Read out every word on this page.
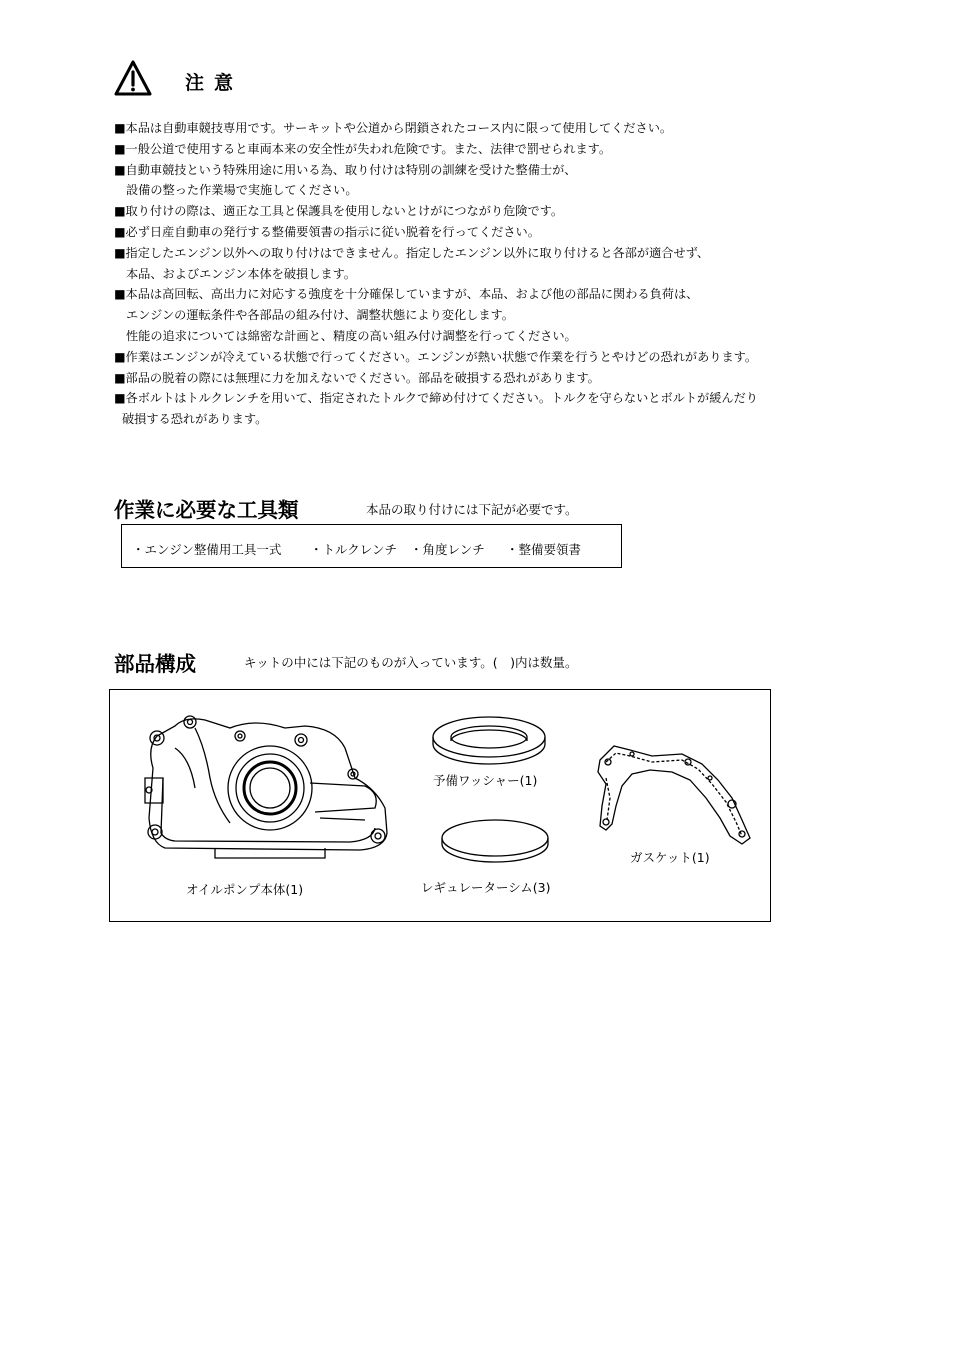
注意
■本品は自動車競技専用です。サーキットや公道から閉鎖されたコース内に限って使用してください。
■一般公道で使用すると車両本来の安全性が失われ危険です。また、法律で罰せられます。
■自動車競技という特殊用途に用いる為、取り付けは特別の訓練を受けた整備士が、
設備の整った作業場で実施してください。
■取り付けの際は、適正な工具と保護具を使用しないとけがにつながり危険です。
■必ず日産自動車の発行する整備要領書の指示に従い脱着を行ってください。
■指定したエンジン以外への取り付けはできません。指定したエンジン以外に取り付けると各部が適合せず、
本品、およびエンジン本体を破損します。
■本品は高回転、高出力に対応する強度を十分確保していますが、本品、および他の部品に関わる負荷は、
エンジンの運転条件や各部品の組み付け、調整状態により変化します。
性能の追求については綿密な計画と、精度の高い組み付け調整を行ってください。
■作業はエンジンが冷えている状態で行ってください。エンジンが熱い状態で作業を行うとやけどの恐れがあります。
■部品の脱着の際には無理に力を加えないでください。部品を破損する恐れがあります。
■各ボルトはトルクレンチを用いて、指定されたトルクで締め付けてください。トルクを守らないとボルトが緩んだり
破損する恐れがあります。
作業に必要な工具類	本品の取り付けには下記が必要です。
・エンジン整備用工具一式 ・トルクレンチ ・角度レンチ ・整備要領書
部品構成	キットの中には下記のものが入っています。(　)内は数量。
オイルポンプ本体(1)
予備ワッシャー(1)
レギュレーターシム(3)
ガスケット(1)
